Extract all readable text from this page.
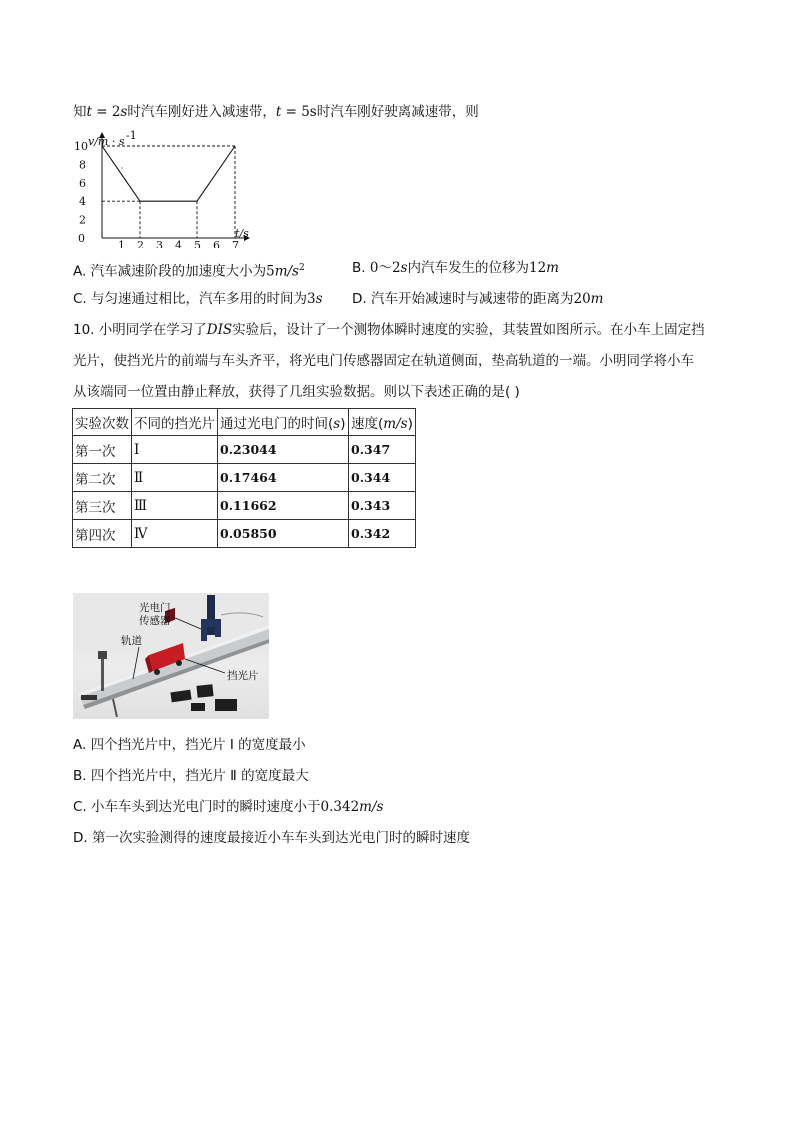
知t = 2s时汽车刚好进入减速带，t = 5s时汽车刚好驶离减速带，则
v/m · s -1
t/s
0
10
8
6
4
2
1 2 3 4 5 6 7
A. 汽车减速阶段的加速度大小为$5m/s^2$	B. 0～2s内汽车发生的位移为12m
C. 与匀速通过相比，汽车多用的时间为3s D. 汽车开始减速时与减速带的距离为20m
10. 小明同学在学习了DIS实验后，设计了一个测物体瞬时速度的实验，其装置如图所示。在小车上固定挡
光片，使挡光片的前端与车头齐平，将光电门传感器固定在轨道侧面，垫高轨道的一端。小明同学将小车
从该端同一位置由静止释放，获得了几组实验数据。则以下表述正确的是( )
实验次数	不同的挡光片	通过光电门的时间(s)	速度(m/s)
第一次	Ⅰ	0.23044	0.347
第二次	Ⅱ	0.17464	0.344
第三次	Ⅲ	0.11662	0.343
第四次	Ⅳ	0.05850	0.342
光电门
传感器
轨道
挡光片
A. 四个挡光片中，挡光片 Ⅰ 的宽度最小
B. 四个挡光片中，挡光片 Ⅱ 的宽度最大
C. 小车车头到达光电门时的瞬时速度小于0.342m/s
D. 第一次实验测得的速度最接近小车车头到达光电门时的瞬时速度
